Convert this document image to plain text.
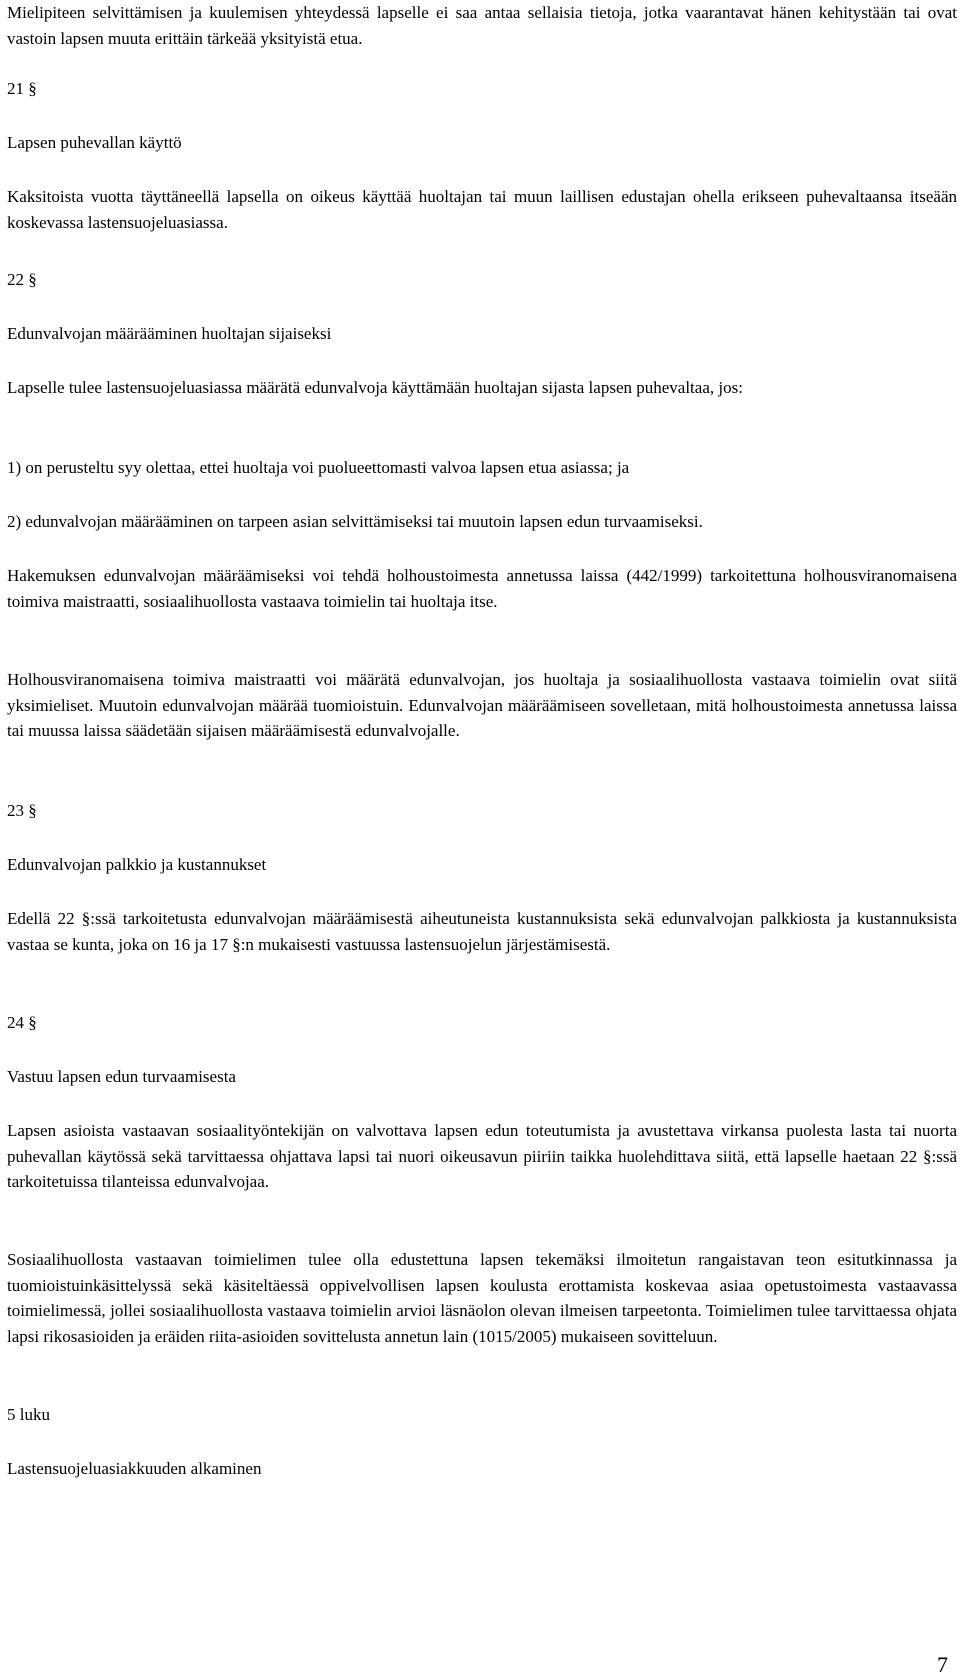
Mielipiteen selvittämisen ja kuulemisen yhteydessä lapselle ei saa antaa sellaisia tietoja, jotka vaarantavat hänen kehitystään tai ovat vastoin lapsen muuta erittäin tärkeää yksityistä etua.

21 §

Lapsen puhevallan käyttö

Kaksitoista vuotta täyttäneellä lapsella on oikeus käyttää huoltajan tai muun laillisen edustajan ohella erikseen puhevaltaansa itseään koskevassa lastensuojeluasiassa.

22 §

Edunvalvojan määrääminen huoltajan sijaiseksi

Lapselle tulee lastensuojeluasiassa määrätä edunvalvoja käyttämään huoltajan sijasta lapsen puhevaltaa, jos:

1) on perusteltu syy olettaa, ettei huoltaja voi puolueettomasti valvoa lapsen etua asiassa; ja

2) edunvalvojan määrääminen on tarpeen asian selvittämiseksi tai muutoin lapsen edun turvaamiseksi.

Hakemuksen edunvalvojan määräämiseksi voi tehdä holhoustoimesta annetussa laissa (442/1999) tarkoitettuna holhousviranomaisena toimiva maistraatti, sosiaalihuollosta vastaava toimielin tai huoltaja itse.

Holhousviranomaisena toimiva maistraatti voi määrätä edunvalvojan, jos huoltaja ja sosiaalihuollosta vastaava toimielin ovat siitä yksimieliset. Muutoin edunvalvojan määrää tuomioistuin. Edunvalvojan määräämiseen sovelletaan, mitä holhoustoimesta annetussa laissa tai muussa laissa säädetään sijaisen määräämisestä edunvalvojalle.

23 §

Edunvalvojan palkkio ja kustannukset

Edellä 22 §:ssä tarkoitetusta edunvalvojan määräämisestä aiheutuneista kustannuksista sekä edunvalvojan palkkiosta ja kustannuksista vastaa se kunta, joka on 16 ja 17 §:n mukaisesti vastuussa lastensuojelun järjestämisestä.

24 §

Vastuu lapsen edun turvaamisesta

Lapsen asioista vastaavan sosiaalityöntekijän on valvottava lapsen edun toteutumista ja avustettava virkansa puolesta lasta tai nuorta puhevallan käytössä sekä tarvittaessa ohjattava lapsi tai nuori oikeusavun piiriin taikka huolehdittava siitä, että lapselle haetaan 22 §:ssä tarkoitetuissa tilanteissa edunvalvojaa.

Sosiaalihuollosta vastaavan toimielimen tulee olla edustettuna lapsen tekemäksi ilmoitetun rangaistavan teon esitutkinnassa ja tuomioistuinkäsittelyssä sekä käsiteltäessä oppivelvollisen lapsen koulusta erottamista koskevaa asiaa opetustoimesta vastaavassa toimielimessä, jollei sosiaalihuollosta vastaava toimielin arvioi läsnäolon olevan ilmeisen tarpeetonta. Toimielimen tulee tarvittaessa ohjata lapsi rikosasioiden ja eräiden riita-asioiden sovittelusta annetun lain (1015/2005) mukaiseen sovitteluun.

5 luku

Lastensuojeluasiakkuuden alkaminen

7
